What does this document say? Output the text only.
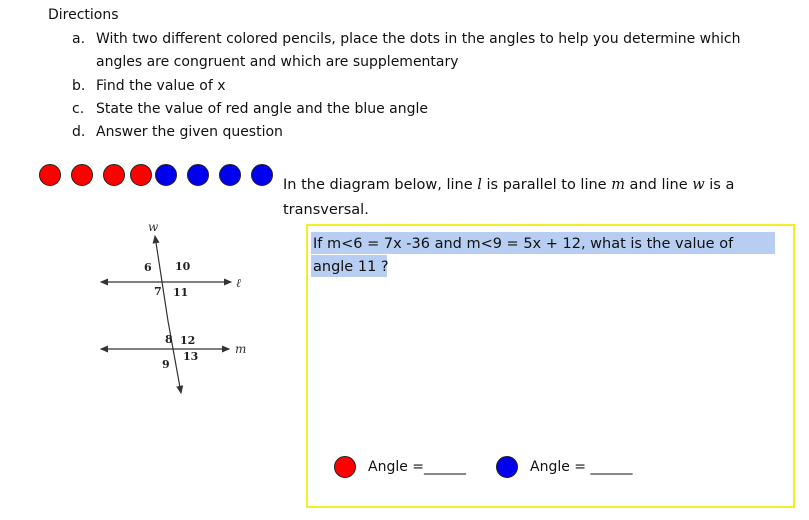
Directions
a. With two different colored pencils, place the dots in the angles to help you determine which angles are congruent and which are supplementary
b. Find the value of x
c. State the value of red angle and the blue angle
d. Answer the given question
In the diagram below, line l is parallel to line m and line w is a transversal.
w
ℓ
m
6 10
7 11
8 12
9
13
If m<6 = 7x -36 and m<9 = 5x + 12, what is the value of
angle 11 ?
Angle =______	Angle = ______
